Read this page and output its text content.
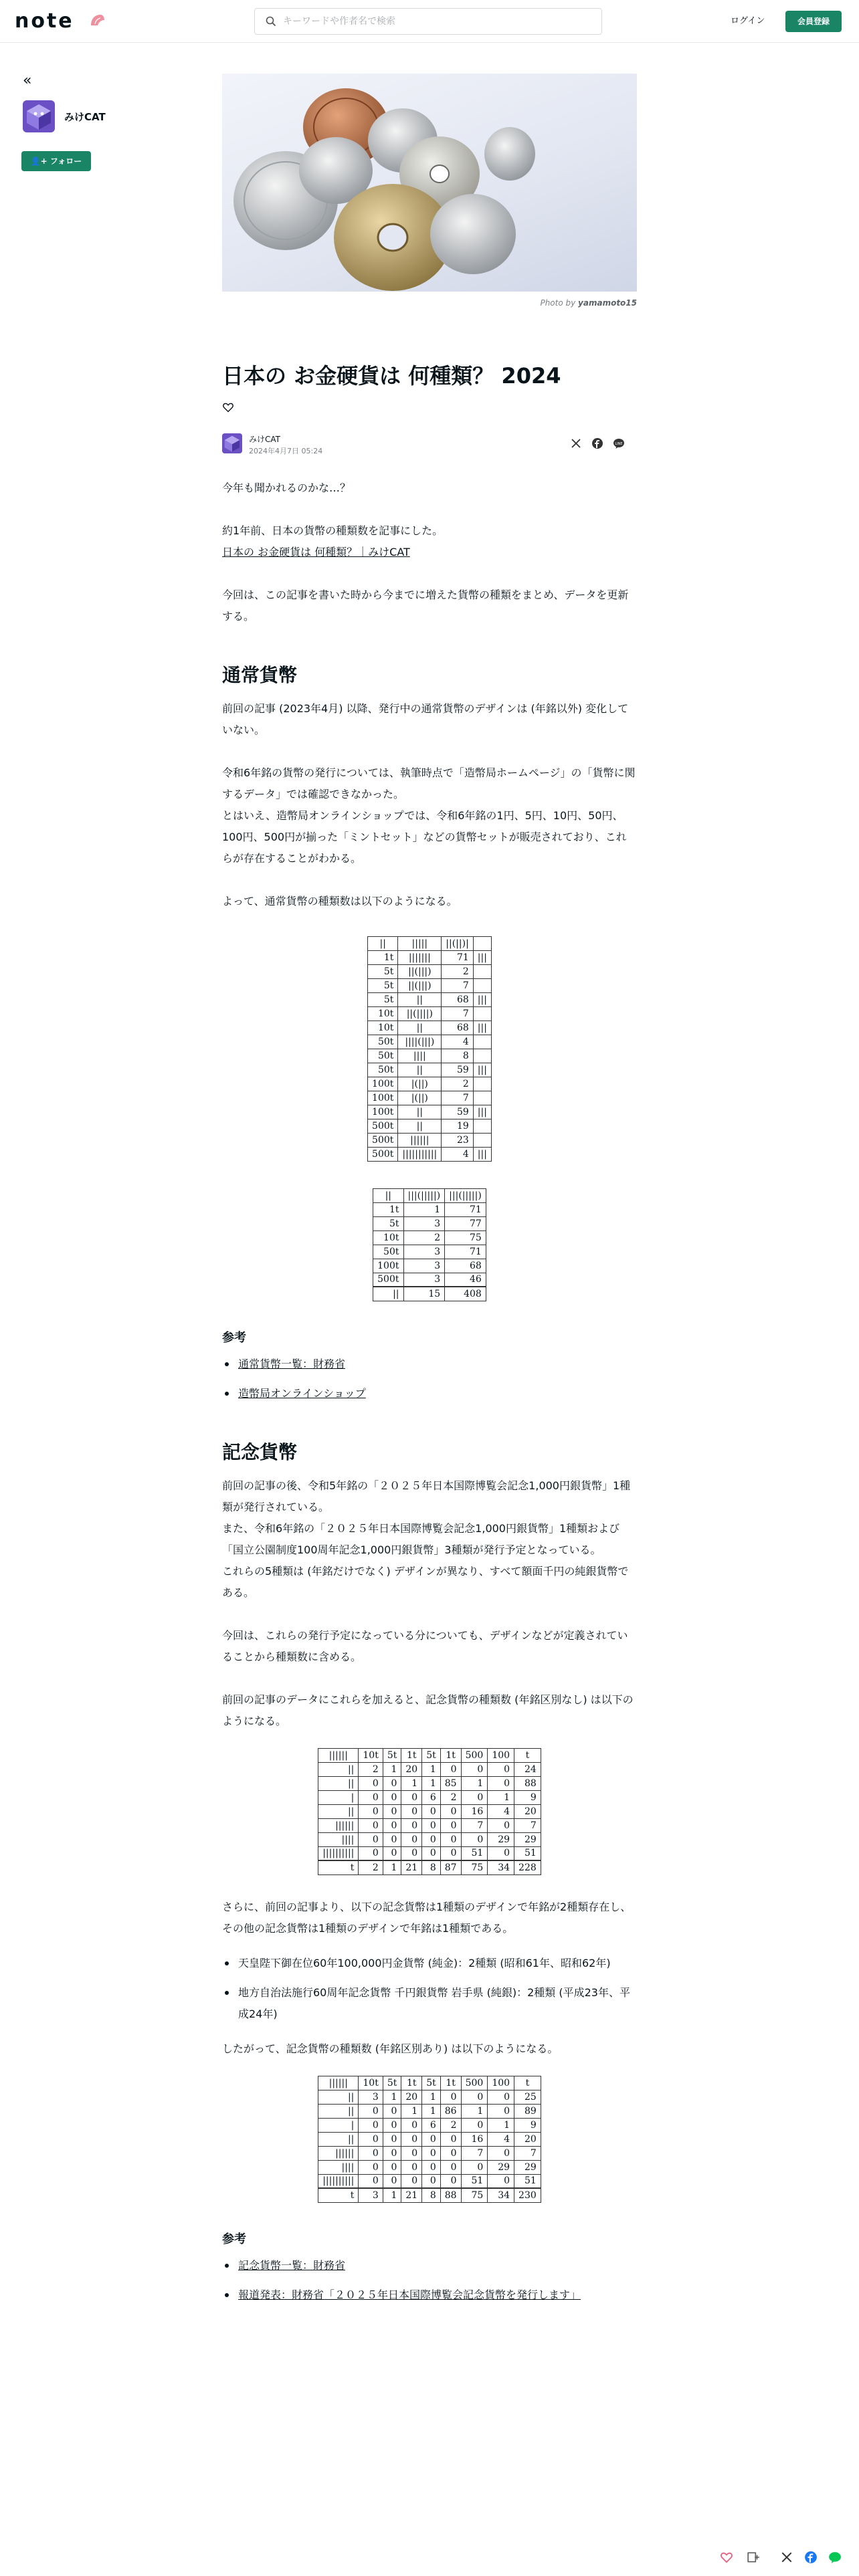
note
キーワードや作者名で検索	ログイン	会員登録
«
みけCAT
👤+ フォロー
Photo by yamamoto15
日本の お金硬貨は 何種類？ 2024
みけCAT
2024年4月7日 05:24
LINE

今年も聞かれるのかな…？

約1年前、日本の貨幣の種類数を記事にした。

日本の お金硬貨は 何種類？｜みけCAT

今回は、この記事を書いた時から今までに増えた貨幣の種類をまとめ、データを更新する。

通常貨幣

前回の記事 (2023年4月) 以降、発行中の通常貨幣のデザインは (年銘以外) 変化していない。

令和6年銘の貨幣の発行については、執筆時点で「造幣局ホームページ」の「貨幣に関するデータ」では確認できなかった。

とはいえ、造幣局オンラインショップでは、令和6年銘の1円、5円、10円、50円、100円、500円が揃った「ミントセット」などの貨幣セットが販売されており、これらが存在することがわかる。

よって、通常貨幣の種類数は以下のようになる。

||	|||||	||(||)|	
1t	|||||||	71	|||
5t	||(|||)	2	
5t	||(|||)	7	
5t	||	68	|||
10t	||(||||)	7	
10t	||	68	|||
50t	||||(|||)	4	
50t	||||	8	
50t	||	59	|||
100t	|(||)	2	
100t	|(||)	7	
100t	||	59	|||
500t	||	19	
500t	||||||	23	
500t	|||||||||||	4	|||
||	|||(|||||)	|||(|||||)
1t	1	71
5t	3	77
10t	2	75
50t	3	71
100t	3	68
500t	3	46
||	15	408
参考
通常貨幣一覧：財務省
造幣局オンラインショップ
記念貨幣

前回の記事の後、令和5年銘の「２０２５年日本国際博覧会記念1,000円銀貨幣」1種類が発行されている。

また、令和6年銘の「２０２５年日本国際博覧会記念1,000円銀貨幣」1種類および「国立公園制度100周年記念1,000円銀貨幣」3種類が発行予定となっている。

これらの5種類は (年銘だけでなく) デザインが異なり、すべて額面千円の純銀貨幣である。

今回は、これらの発行予定になっている分についても、デザインなどが定義されていることから種類数に含める。

前回の記事のデータにこれらを加えると、記念貨幣の種類数 (年銘区別なし) は以下のようになる。

||||||	10t	5t	1t	5t	1t	500	100	t
||	2	1	20	1	0	0	0	24
||	0	0	1	1	85	1	0	88
|	0	0	0	6	2	0	1	9
||	0	0	0	0	0	16	4	20
||||||	0	0	0	0	0	7	0	7
||||	0	0	0	0	0	0	29	29
||||||||||	0	0	0	0	0	51	0	51
t	2	1	21	8	87	75	34	228

さらに、前回の記事より、以下の記念貨幣は1種類のデザインで年銘が2種類存在し、その他の記念貨幣は1種類のデザインで年銘は1種類である。

天皇陛下御在位60年100,000円金貨幣 (純金)：2種類 (昭和61年、昭和62年)
地方自治法施行60周年記念貨幣 千円銀貨幣 岩手県 (純銀)：2種類 (平成23年、平成24年)

したがって、記念貨幣の種類数 (年銘区別あり) は以下のようになる。

||||||	10t	5t	1t	5t	1t	500	100	t
||	3	1	20	1	0	0	0	25
||	0	0	1	1	86	1	0	89
|	0	0	0	6	2	0	1	9
||	0	0	0	0	0	16	4	20
||||||	0	0	0	0	0	7	0	7
||||	0	0	0	0	0	0	29	29
||||||||||	0	0	0	0	0	51	0	51
t	3	1	21	8	88	75	34	230
参考
記念貨幣一覧：財務省
報道発表：財務省「２０２５年日本国際博覧会記念貨幣を発行します」
